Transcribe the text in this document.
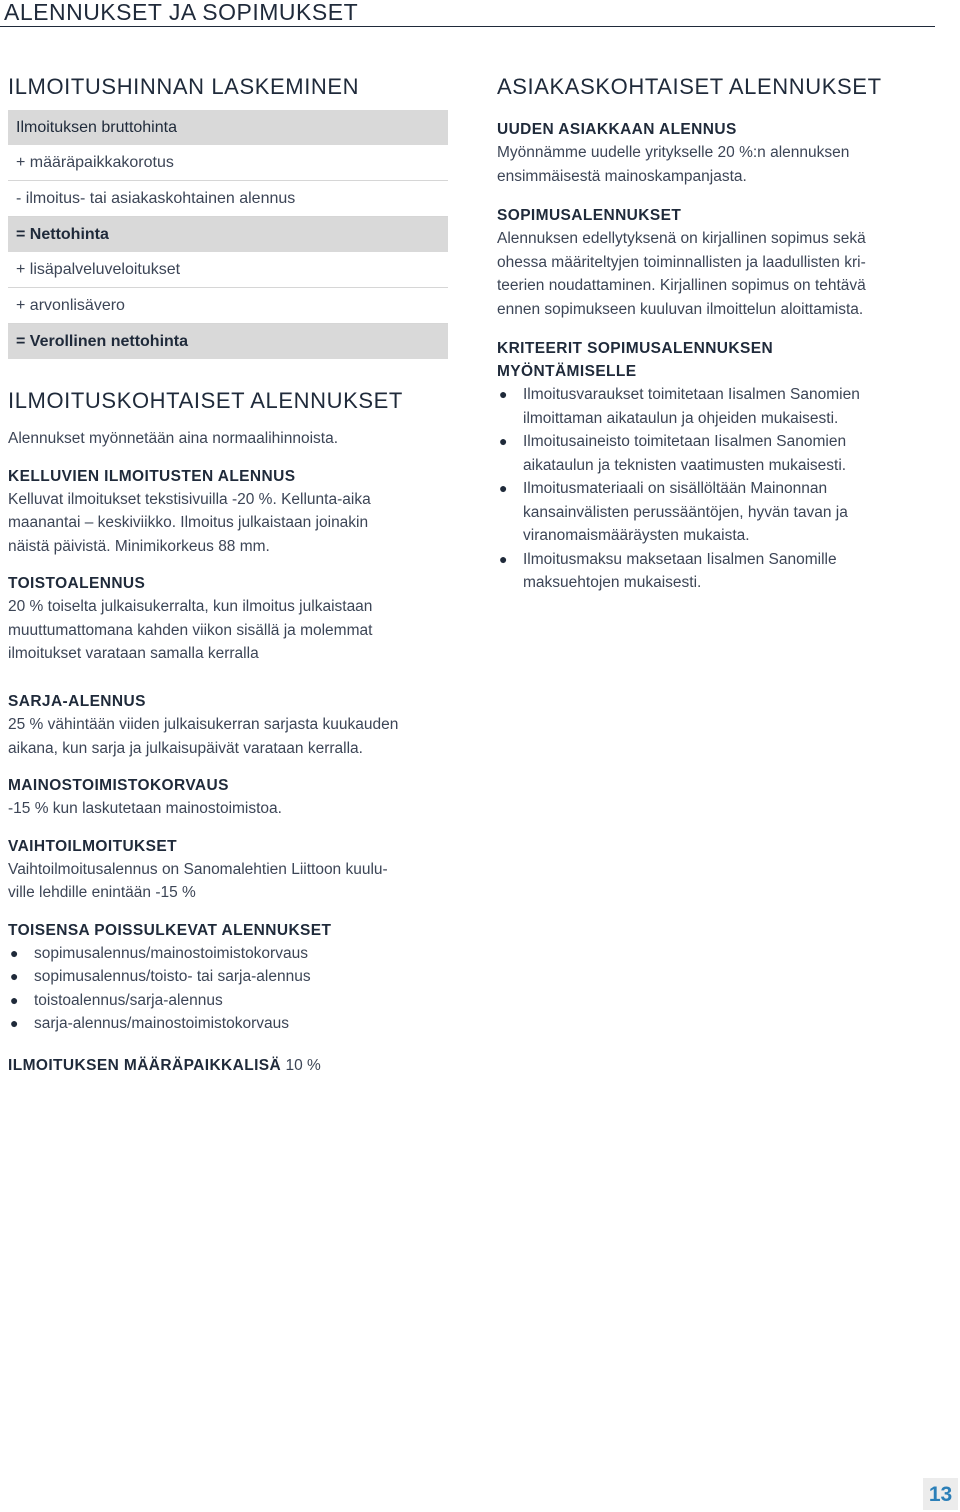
ALENNUKSET JA SOPIMUKSET
ILMOITUSHINNAN LASKEMINEN
Ilmoituksen bruttohinta
+ määräpaikkakorotus
- ilmoitus- tai asiakaskohtainen alennus
= Nettohinta
+ lisäpalveluveloitukset
+ arvonlisävero
= Verollinen nettohinta
ILMOITUSKOHTAISET ALENNUKSET

Alennukset myönnetään aina normaalihinnoista.

KELLUVIEN ILMOITUSTEN ALENNUS

Kelluvat ilmoitukset tekstisivuilla -20 %. Kellunta-aika

maanantai – keskiviikko. Ilmoitus julkaistaan joinakin

näistä päivistä. Minimikorkeus 88 mm.

TOISTOALENNUS

20 % toiselta julkaisukerralta, kun ilmoitus julkaistaan

muuttumattomana kahden viikon sisällä ja molemmat

ilmoitukset varataan samalla kerralla

SARJA-ALENNUS

25 % vähintään viiden julkaisukerran sarjasta kuukauden

aikana, kun sarja ja julkaisupäivät varataan kerralla.

MAINOSTOIMISTOKORVAUS

-15 % kun laskutetaan mainostoimistoa.

VAIHTOILMOITUKSET

Vaihtoilmoitusalennus on Sanomalehtien Liittoon kuulu-

ville lehdille enintään -15 %

TOISENSA POISSULKEVAT ALENNUKSET
● sopimusalennus/mainostoimistokorvaus
● sopimusalennus/toisto- tai sarja-alennus
● toistoalennus/sarja-alennus
● sarja-alennus/mainostoimistokorvaus

ILMOITUKSEN MÄÄRÄPAIKKALISÄ 10 %

ASIAKASKOHTAISET ALENNUKSET
UUDEN ASIAKKAAN ALENNUS

Myönnämme uudelle yritykselle 20 %:n alennuksen

ensimmäisestä mainoskampanjasta.

SOPIMUSALENNUKSET

Alennuksen edellytyksenä on kirjallinen sopimus sekä

ohessa määriteltyjen toiminnallisten ja laadullisten kri-

teerien noudattaminen. Kirjallinen sopimus on tehtävä

ennen sopimukseen kuuluvan ilmoittelun aloittamista.

KRITEERIT SOPIMUSALENNUKSEN
MYÖNTÄMISELLE
● Ilmoitusvaraukset toimitetaan Iisalmen Sanomien
ilmoittaman aikataulun ja ohjeiden mukaisesti.
● Ilmoitusaineisto toimitetaan Iisalmen Sanomien
aikataulun ja teknisten vaatimusten mukaisesti.
● Ilmoitusmateriaali on sisällöltään Mainonnan
kansainvälisten perussääntöjen, hyvän tavan ja
viranomaismääräysten mukaista.
● Ilmoitusmaksu maksetaan Iisalmen Sanomille
maksuehtojen mukaisesti.
13
